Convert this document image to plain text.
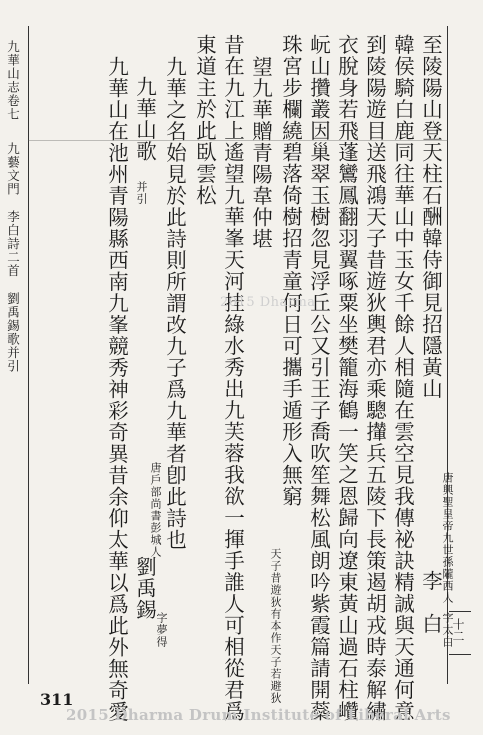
九華山志卷七
九藝文門
李白詩二首
劉禹錫歌并引	至陵陽山登天柱石酬韓侍御見招隱黃山
唐興聖皇帝九世孫隴西人
李　白
字太白
韓侯騎白鹿同往華山中玉女千餘人相隨在雲空見我傳祕訣精誠與天通何意
到陵陽遊目送飛鴻天子昔遊狄輿君亦乘驄攆兵五陵下長策遏胡戎時泰解繡
衣脫身若飛蓬鸞鳳翻羽翼啄粟坐樊籠海鶴一笑之恩歸向遼東黃山過石柱巑
岏山攢叢因巢翠玉樹忽見浮丘公又引王子喬吹笙舞松風朗吟紫霞篇請開蘂
珠宮步欄繞碧落倚樹招青童何日可攜手遁形入無窮
天子昔遊狄有本作天子若避狄
望九華贈青陽韋仲堪
昔在九江上遙望九華峯天河挂綠水秀出九芙蓉我欲一揮手誰人可相從君爲
東道主於此臥雲松
九華之名始見於此詩則所謂改九子爲九華者卽此詩也
九華山歌
并引
唐戶部尚書彭城人
劉禹錫
字夢得
九華山在池州青陽縣西南九峯競秀神彩奇異昔余仰太華以爲此外無奇愛	十二
311
2015 Dharma
2015 Dharma Drum Institute of Liberal Arts
